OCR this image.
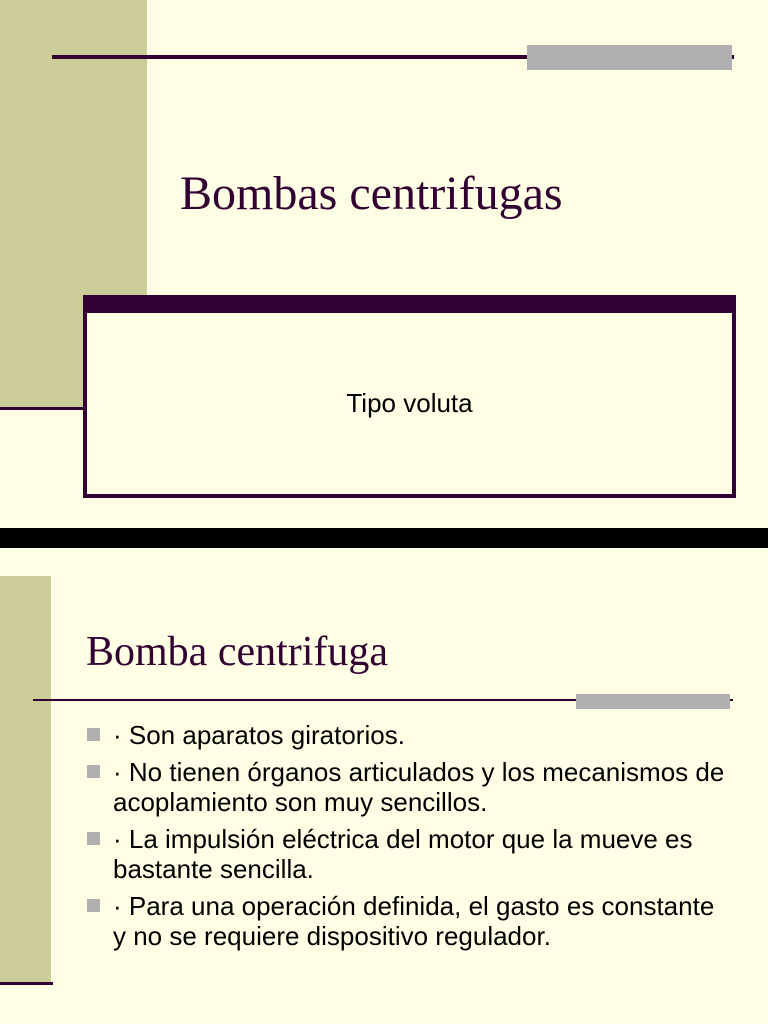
Bombas centrifugas
Tipo voluta
Bomba centrifuga
· Son aparatos giratorios.
· No tienen órganos articulados y los mecanismos de acoplamiento son muy sencillos.
· La impulsión eléctrica del motor que la mueve es bastante sencilla.
· Para una operación definida, el gasto es constante y no se requiere dispositivo regulador.
